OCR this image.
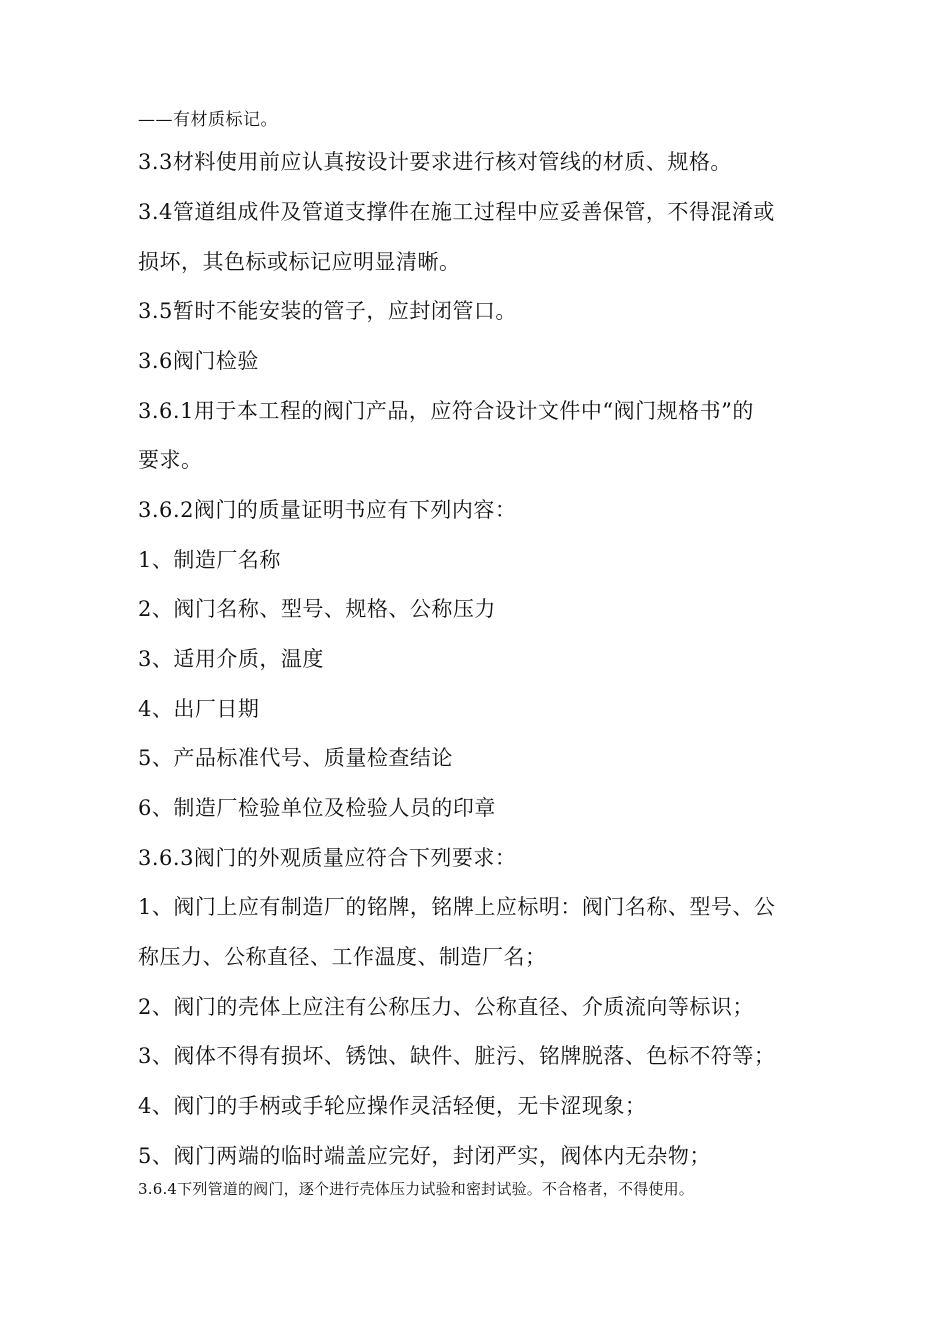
——有材质标记。
3.3材料使用前应认真按设计要求进行核对管线的材质、规格。
3.4管道组成件及管道支撑件在施工过程中应妥善保管，不得混淆或
损坏，其色标或标记应明显清晰。
3.5暂时不能安装的管子，应封闭管口。
3.6阀门检验
3.6.1用于本工程的阀门产品，应符合设计文件中“阀门规格书”的
要求。
3.6.2阀门的质量证明书应有下列内容：
1、制造厂名称
2、阀门名称、型号、规格、公称压力
3、适用介质，温度
4、出厂日期
5、产品标准代号、质量检查结论
6、制造厂检验单位及检验人员的印章
3.6.3阀门的外观质量应符合下列要求：
1、阀门上应有制造厂的铭牌，铭牌上应标明：阀门名称、型号、公
称压力、公称直径、工作温度、制造厂名；
2、阀门的壳体上应注有公称压力、公称直径、介质流向等标识；
3、阀体不得有损坏、锈蚀、缺件、脏污、铭牌脱落、色标不符等；
4、阀门的手柄或手轮应操作灵活轻便，无卡涩现象；
5、阀门两端的临时端盖应完好，封闭严实，阀体内无杂物；
3.6.4下列管道的阀门，逐个进行壳体压力试验和密封试验。不合格者，不得使用。
